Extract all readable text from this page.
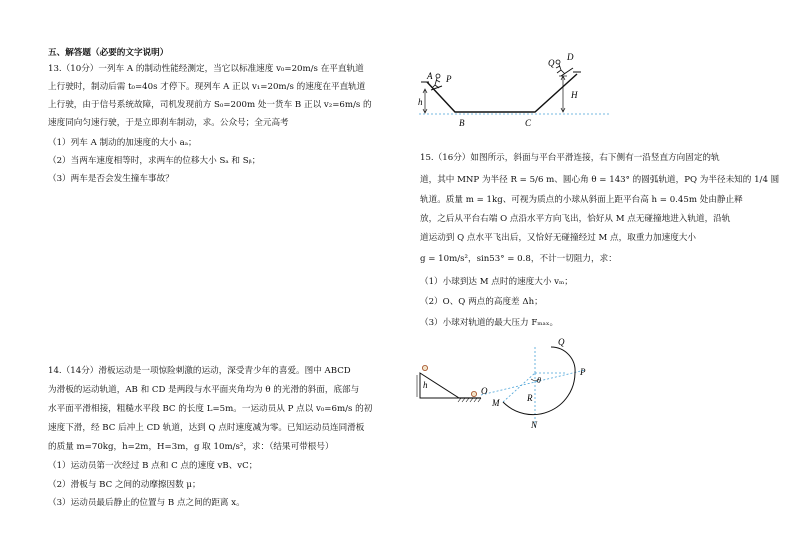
五、解答题（必要的文字说明）
13.（10分）一列车 A 的制动性能经测定，当它以标准速度 v₀=20m/s 在平直轨道
上行驶时，制动后需 t₀=40s 才停下。现列车 A 正以 v₁=20m/s 的速度在平直轨道
上行驶，由于信号系统故障，司机发现前方 S₀=200m 处一货车 B 正以 v₂=6m/s 的
速度同向匀速行驶，于是立即刹车制动，求。公众号；全元高考
（1）列车 A 制动的加速度的大小 aₐ；
（2）当两车速度相等时，求两车的位移大小 Sₐ 和 Sᵦ；
（3）两车是否会发生撞车事故？
14.（14分）滑板运动是一项惊险刺激的运动，深受青少年的喜爱。图中 ABCD
为滑板的运动轨道，AB 和 CD 是两段与水平面夹角均为 θ 的光滑的斜面，底部与
水平面平滑相接，粗糙水平段 BC 的长度 L=5m。一运动员从 P 点以 v₀=6m/s 的初
速度下滑，经 BC 后冲上 CD 轨道，达到 Q 点时速度减为零。已知运动员连同滑板
的质量 m=70kg，h=2m，H=3m，g 取 10m/s²，求：（结果可带根号）
（1）运动员第一次经过 B 点和 C 点的速度 vB、vC；
（2）滑板与 BC 之间的动摩擦因数 μ；
（3）运动员最后静止的位置与 B 点之间的距离 x。
15.（16分）如图所示，斜面与平台平滑连接，右下侧有一沿竖直方向固定的轨
道，其中 MNP 为半径 R = 5/6 m、圆心角 θ = 143° 的圆弧轨道，PQ 为半径未知的 1/4 圆
轨道。质量 m = 1kg、可视为质点的小球从斜面上距平台高 h = 0.45m 处由静止释
放，之后从平台右端 O 点沿水平方向飞出，恰好从 M 点无碰撞地进入轨道，沿轨
道运动到 Q 点水平飞出后，又恰好无碰撞经过 M 点，取重力加速度大小
g = 10m/s²，sin53° = 0.8，不计一切阻力，求：
（1）小球到达 M 点时的速度大小 vₘ；
（2）O、Q 两点的高度差 Δh；
（3）小球对轨道的最大压力 Fₘₐₓ。
A P
h
B	C
Q
D
H
h
O
Q
P
θ
R
M
N
